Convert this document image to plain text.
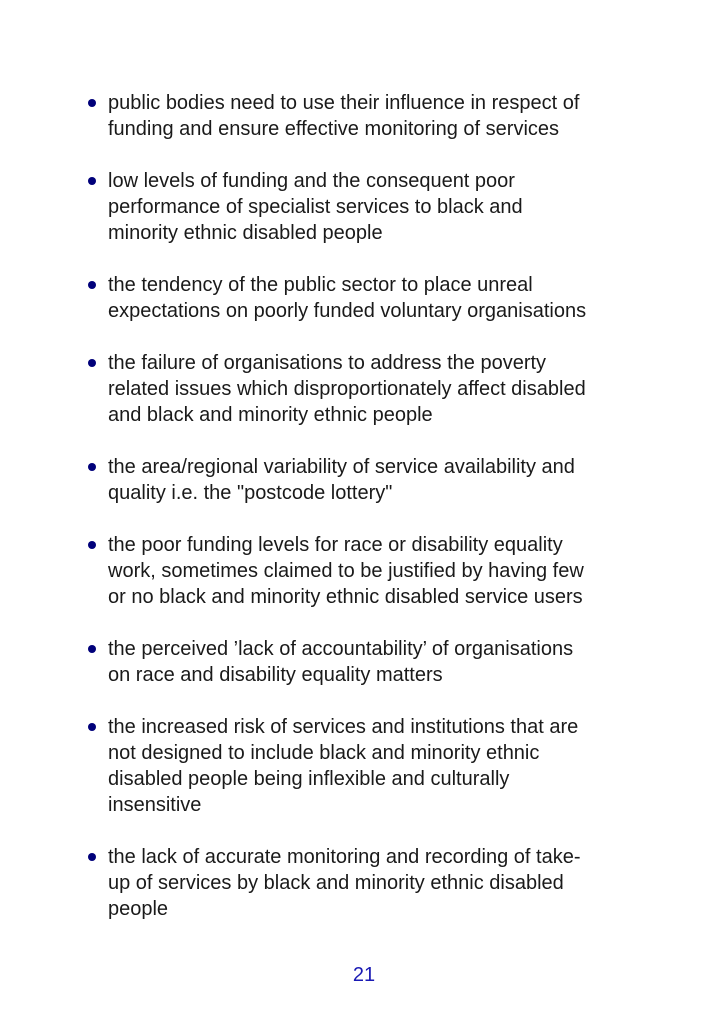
public bodies need to use their influence in respect of
funding and ensure effective monitoring of services
low levels of funding and the consequent poor
performance of specialist services to black and
minority ethnic disabled people
the tendency of the public sector to place unreal
expectations on poorly funded voluntary organisations
the failure of organisations to address the poverty
related issues which disproportionately affect disabled
and black and minority ethnic people
the area/regional variability of service availability and
quality i.e. the "postcode lottery"
the poor funding levels for race or disability equality
work, sometimes claimed to be justified by having few
or no black and minority ethnic disabled service users
the perceived ’lack of accountability’ of organisations
on race and disability equality matters
the increased risk of services and institutions that are
not designed to include black and minority ethnic
disabled people being inflexible and culturally
insensitive
the lack of accurate monitoring and recording of take-
up of services by black and minority ethnic disabled
people
21
